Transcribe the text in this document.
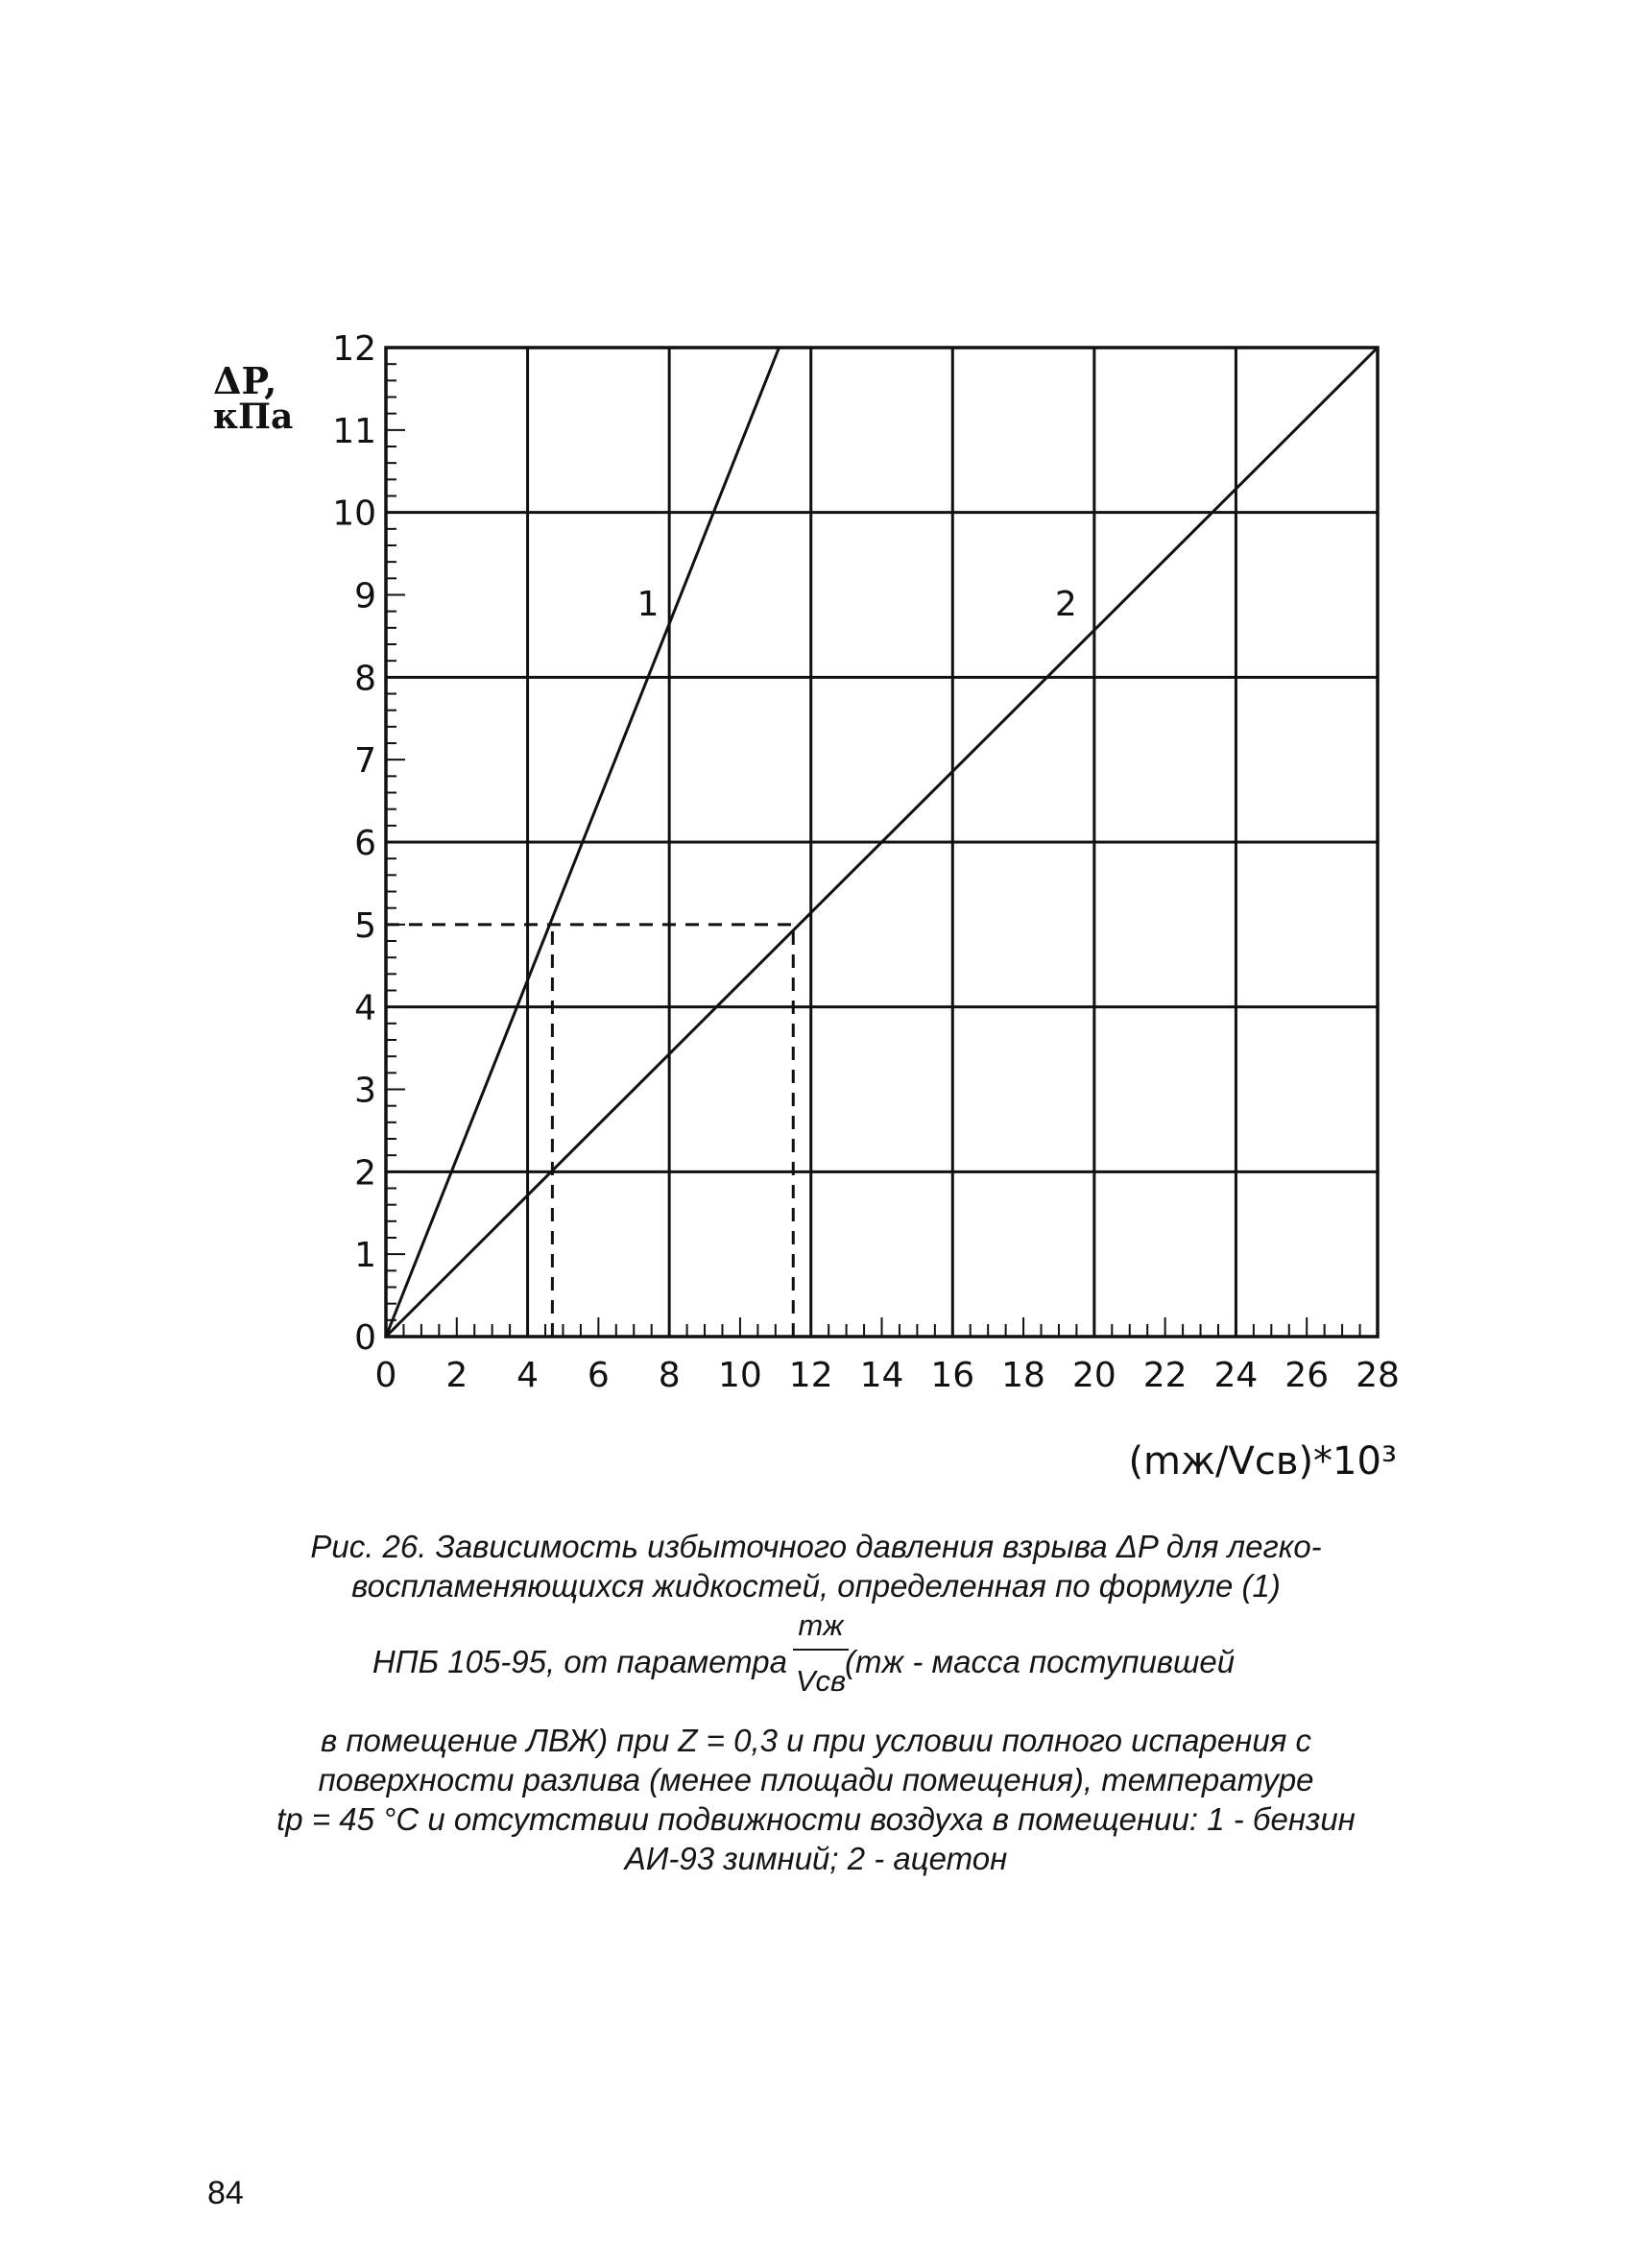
0 2 4 6 8 10 12 14 16 18 20 22 24 26 28
0
1
2
3
4
5
6
7
8
9
10
11
12
ΔP,
кПа
(mж/Vсв)*10³
1	2
Рис. 26. Зависимость избыточного давления взрыва ΔP для легко-
воспламеняющихся жидкостей, определенная по формуле (1)
НПБ 105-95, от параметра
mж
Vсв
(mж - масса поступившей
в помещение ЛВЖ) при Z = 0,3 и при условии полного испарения с
поверхности разлива (менее площади помещения), температуре
tр = 45 °С и отсутствии подвижности воздуха в помещении: 1 - бензин
АИ-93 зимний; 2 - ацетон
84
